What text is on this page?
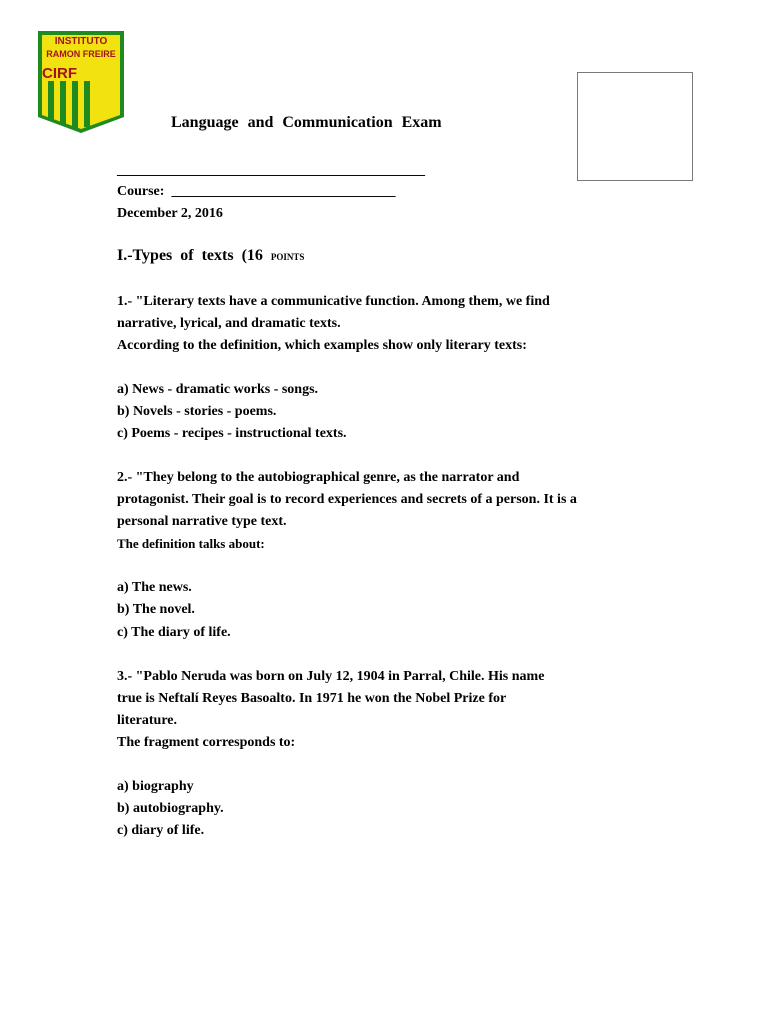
INSTITUTO
RAMON FREIRE
CIRF
Language and Communication Exam
____________________________________________
Course: ________________________________
December 2, 2016
I.-Types of texts (16 points
1.- "Literary texts have a communicative function. Among them, we find
narrative, lyrical, and dramatic texts.
According to the definition, which examples show only literary texts:
a) News - dramatic works - songs.
b) Novels - stories - poems.
c) Poems - recipes - instructional texts.
2.- "They belong to the autobiographical genre, as the narrator and
protagonist. Their goal is to record experiences and secrets of a person. It is a
personal narrative type text.
The definition talks about:
a) The news.
b) The novel.
c) The diary of life.
3.- "Pablo Neruda was born on July 12, 1904 in Parral, Chile. His name
true is Neftalí Reyes Basoalto. In 1971 he won the Nobel Prize for
literature.
The fragment corresponds to:
a) biography
b) autobiography.
c) diary of life.
